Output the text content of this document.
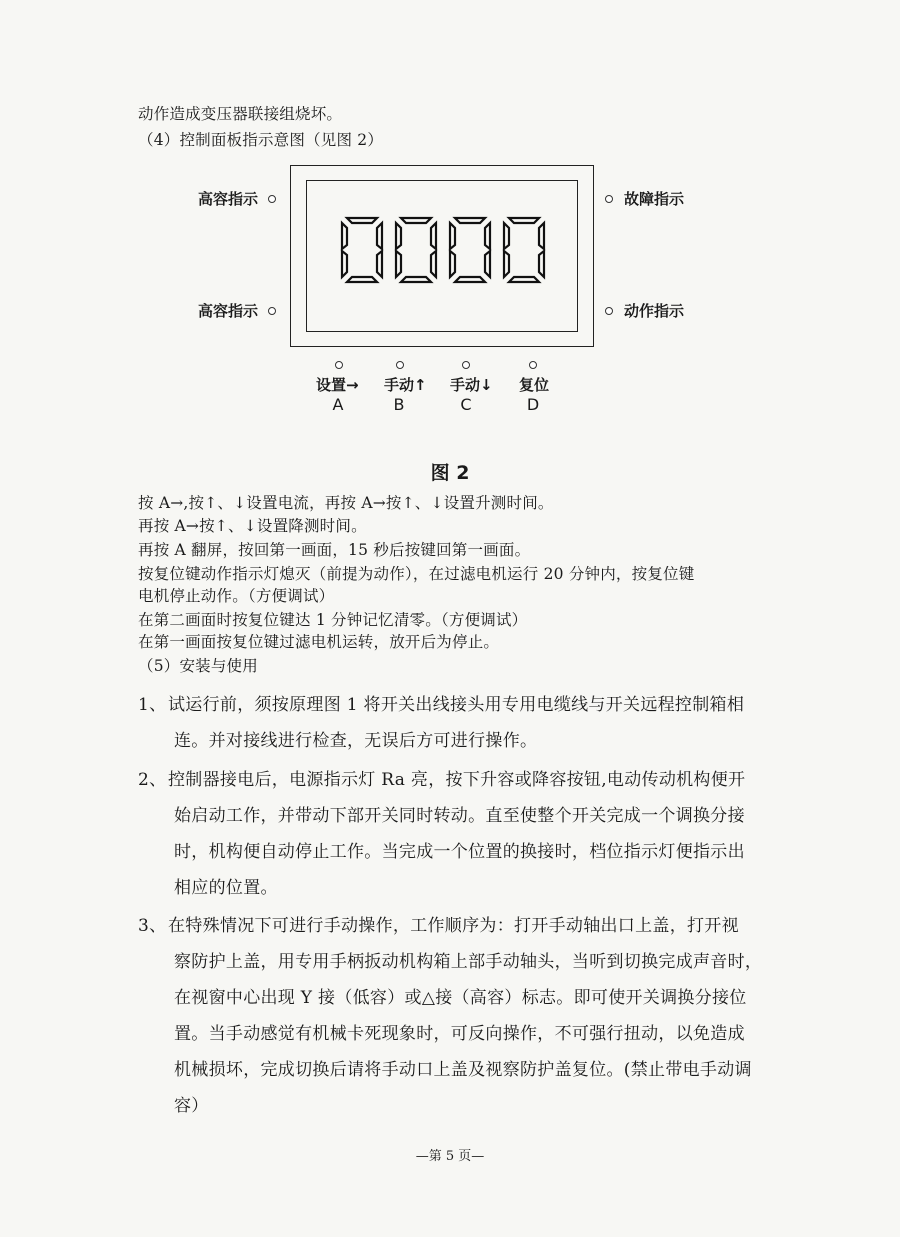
动作造成变压器联接组烧坏。
（4）控制面板指示意图（见图 2）
高容指示
高容指示
故障指示
动作指示
设置→ 手动↑ 手动↓ 复位
A	B	C	D
图 2
按 A→,按↑、↓设置电流，再按 A→按↑、↓设置升测时间。
再按 A→按↑、↓设置降测时间。
再按 A 翻屏，按回第一画面，15 秒后按键回第一画面。
按复位键动作指示灯熄灭（前提为动作），在过滤电机运行 20 分钟内，按复位键
电机停止动作。（方便调试）
在第二画面时按复位键达 1 分钟记忆清零。（方便调试）
在第一画面按复位键过滤电机运转，放开后为停止。
（5）安装与使用
1、 试运行前，须按原理图 1 将开关出线接头用专用电缆线与开关远程控制箱相
连。并对接线进行检查，无误后方可进行操作。
2、 控制器接电后，电源指示灯 Ra 亮，按下升容或降容按钮,电动传动机构便开
始启动工作，并带动下部开关同时转动。直至使整个开关完成一个调换分接
时，机构便自动停止工作。当完成一个位置的换接时，档位指示灯便指示出
相应的位置。
3、 在特殊情况下可进行手动操作，工作顺序为：打开手动轴出口上盖，打开视
察防护上盖，用专用手柄扳动机构箱上部手动轴头，当听到切换完成声音时，
在视窗中心出现 Y 接（低容）或△接（高容）标志。即可使开关调换分接位
置。当手动感觉有机械卡死现象时，可反向操作，不可强行扭动，以免造成
机械损坏，完成切换后请将手动口上盖及视察防护盖复位。(禁止带电手动调
容）
—第 5 页—
